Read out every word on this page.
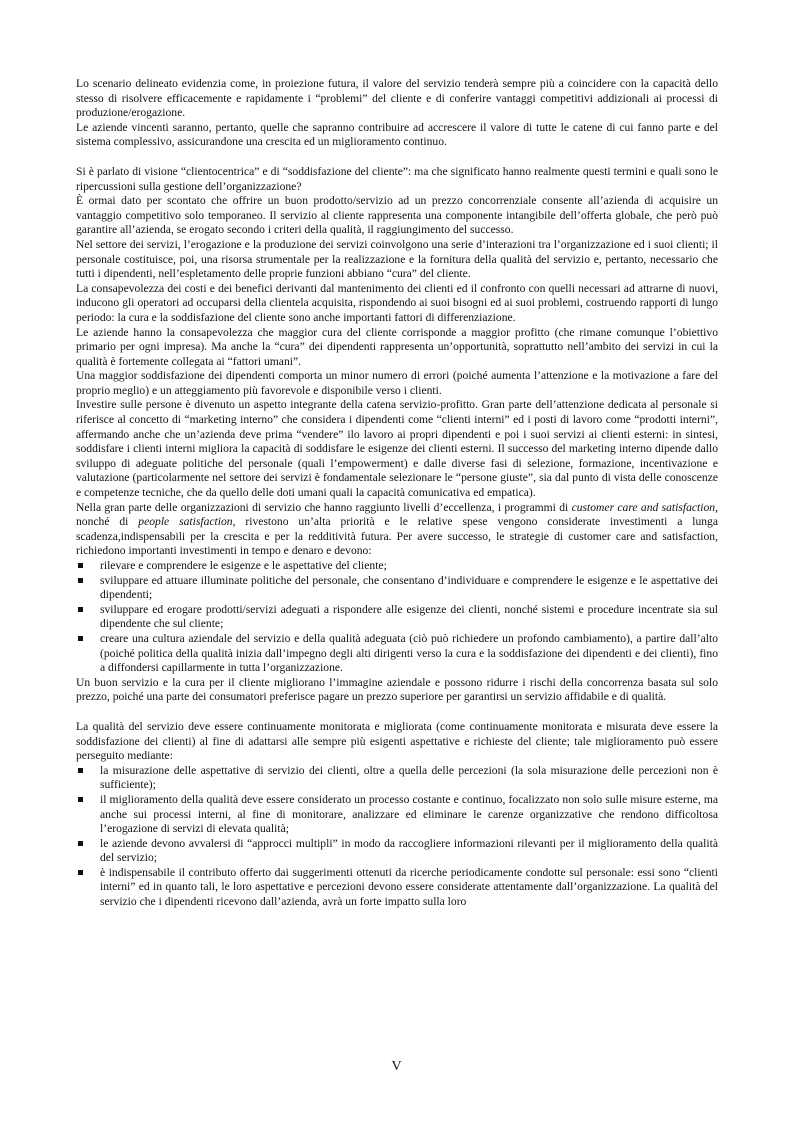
Lo scenario delineato evidenzia come, in proiezione futura, il valore del servizio tenderà sempre più a coincidere con la capacità dello stesso di risolvere efficacemente e rapidamente i “problemi” del cliente e di conferire vantaggi competitivi addizionali ai processi di produzione/erogazione.

Le aziende vincenti saranno, pertanto, quelle che sapranno contribuire ad accrescere il valore di tutte le catene di cui fanno parte e del sistema complessivo, assicurandone una crescita ed un miglioramento continuo.

Si è parlato di visione “clientocentrica” e di “soddisfazione del cliente”: ma che significato hanno realmente questi termini e quali sono le ripercussioni sulla gestione dell’organizzazione?

È ormai dato per scontato che offrire un buon prodotto/servizio ad un prezzo concorrenziale consente all’azienda di acquisire un vantaggio competitivo solo temporaneo. Il servizio al cliente rappresenta una componente intangibile dell’offerta globale, che però può garantire all’azienda, se erogato secondo i criteri della qualità, il raggiungimento del successo.

Nel settore dei servizi, l’erogazione e la produzione dei servizi coinvolgono una serie d’interazioni tra l’organizzazione ed i suoi clienti; il personale costituisce, poi, una risorsa strumentale per la realizzazione e la fornitura della qualità del servizio e, pertanto, necessario che tutti i dipendenti, nell’espletamento delle proprie funzioni abbiano “cura” del cliente.

La consapevolezza dei costi e dei benefici derivanti dal mantenimento dei clienti ed il confronto con quelli necessari ad attrarne di nuovi, inducono gli operatori ad occuparsi della clientela acquisita, rispondendo ai suoi bisogni ed ai suoi problemi, costruendo rapporti di lungo periodo: la cura e la soddisfazione del cliente sono anche importanti fattori di differenziazione.

Le aziende hanno la consapevolezza che maggior cura del cliente corrisponde a maggior profitto (che rimane comunque l’obiettivo primario per ogni impresa). Ma anche la “cura” dei dipendenti rappresenta un’opportunità, soprattutto nell’ambito dei servizi in cui la qualità è fortemente collegata ai “fattori umani”.

Una maggior soddisfazione dei dipendenti comporta un minor numero di errori (poiché aumenta l’attenzione e la motivazione a fare del proprio meglio) e un atteggiamento più favorevole e disponibile verso i clienti.

Investire sulle persone è divenuto un aspetto integrante della catena servizio-profitto. Gran parte dell’attenzione dedicata al personale si riferisce al concetto di “marketing interno” che considera i dipendenti come “clienti interni” ed i posti di lavoro come “prodotti interni”, affermando anche che un’azienda deve prima “vendere” ilo lavoro ai propri dipendenti e poi i suoi servizi ai clienti esterni: in sintesi, soddisfare i clienti interni migliora la capacità di soddisfare le esigenze dei clienti esterni. Il successo del marketing interno dipende dallo sviluppo di adeguate politiche del personale (quali l’empowerment) e dalle diverse fasi di selezione, formazione, incentivazione e valutazione (particolarmente nel settore dei servizi è fondamentale selezionare le “persone giuste”, sia dal punto di vista delle conoscenze e competenze tecniche, che da quello delle doti umani quali la capacità comunicativa ed empatica).

Nella gran parte delle organizzazioni di servizio che hanno raggiunto livelli d’eccellenza, i programmi di customer care and satisfaction, nonché di people satisfaction, rivestono un’alta priorità e le relative spese vengono considerate investimenti a lunga scadenza,indispensabili per la crescita e per la redditività futura. Per avere successo, le strategie di customer care and satisfaction, richiedono importanti investimenti in tempo e denaro e devono:

rilevare e comprendere le esigenze e le aspettative del cliente;
sviluppare ed attuare illuminate politiche del personale, che consentano d’individuare e comprendere le esigenze e le aspettative dei dipendenti;
sviluppare ed erogare prodotti/servizi adeguati a rispondere alle esigenze dei clienti, nonché sistemi e procedure incentrate sia sul dipendente che sul cliente;
creare una cultura aziendale del servizio e della qualità adeguata (ciò può richiedere un profondo cambiamento), a partire dall’alto (poiché politica della qualità inizia dall’impegno degli alti dirigenti verso la cura e la soddisfazione dei dipendenti e dei clienti), fino a diffondersi capillarmente in tutta l’organizzazione.

Un buon servizio e la cura per il cliente migliorano l’immagine aziendale e possono ridurre i rischi della concorrenza basata sul solo prezzo, poiché una parte dei consumatori preferisce pagare un prezzo superiore per garantirsi un servizio affidabile e di qualità.

La qualità del servizio deve essere continuamente monitorata e migliorata (come continuamente monitorata e misurata deve essere la soddisfazione dei clienti) al fine di adattarsi alle sempre più esigenti aspettative e richieste del cliente; tale miglioramento può essere perseguito mediante:

la misurazione delle aspettative di servizio dei clienti, oltre a quella delle percezioni (la sola misurazione delle percezioni non è sufficiente);
il miglioramento della qualità deve essere considerato un processo costante e continuo, focalizzato non solo sulle misure esterne, ma anche sui processi interni, al fine di monitorare, analizzare ed eliminare le carenze organizzative che rendono difficoltosa l’erogazione di servizi di elevata qualità;
le aziende devono avvalersi di “approcci multipli” in modo da raccogliere informazioni rilevanti per il miglioramento della qualità del servizio;
è indispensabile il contributo offerto dai suggerimenti ottenuti da ricerche periodicamente condotte sul personale: essi sono “clienti interni” ed in quanto tali, le loro aspettative e percezioni devono essere considerate attentamente dall’organizzazione. La qualità del servizio che i dipendenti ricevono dall’azienda, avrà un forte impatto sulla loro
V
